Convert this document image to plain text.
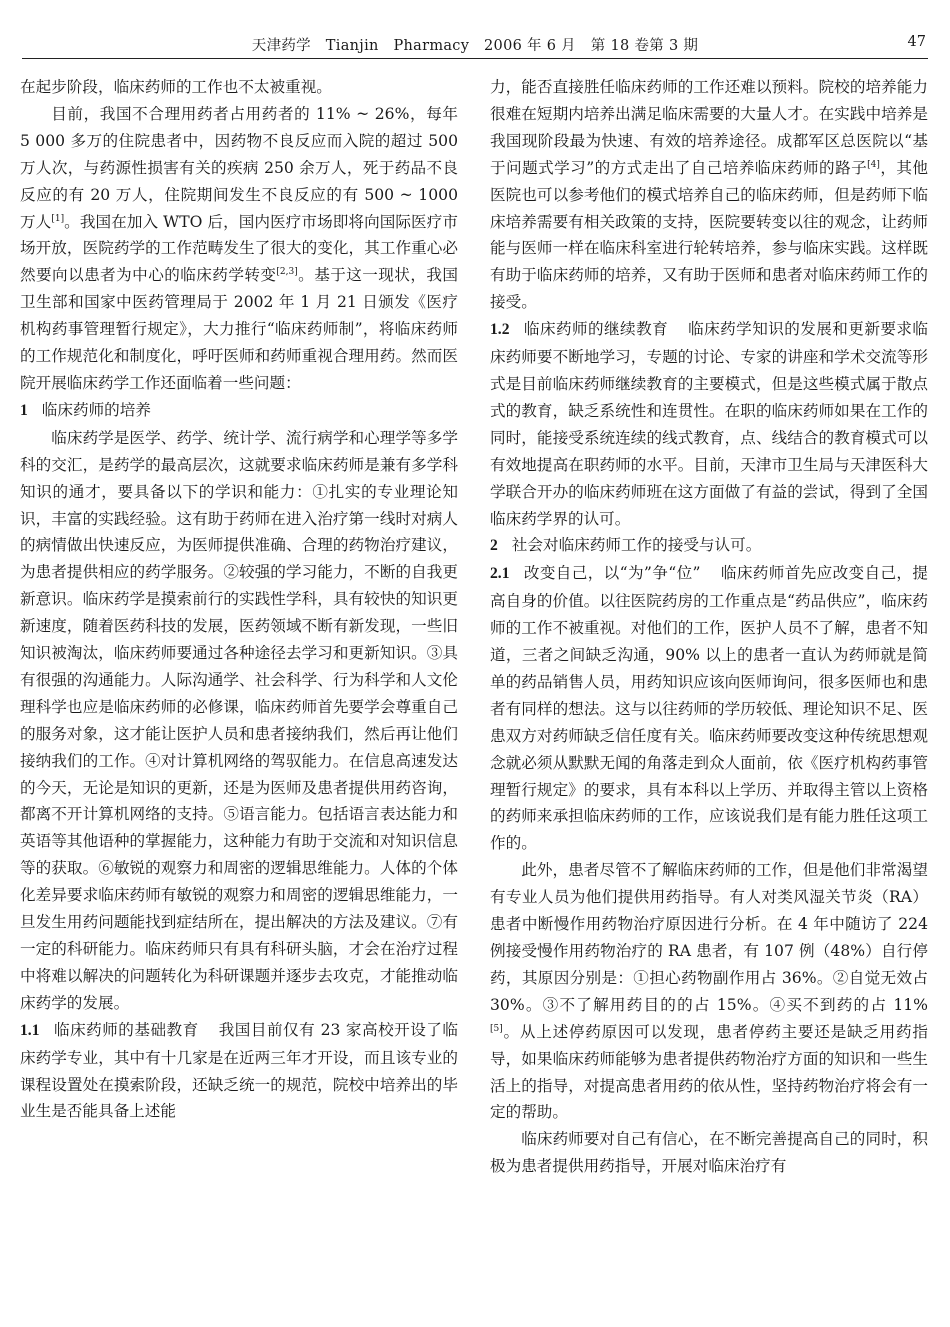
天津药学　Tianjin　Pharmacy　2006 年 6 月　第 18 卷第 3 期	47

在起步阶段，临床药师的工作也不太被重视。

目前，我国不合理用药者占用药者的 11% ~ 26%，每年 5 000 多万的住院患者中，因药物不良反应而入院的超过 500 万人次，与药源性损害有关的疾病 250 余万人，死于药品不良反应的有 20 万人，住院期间发生不良反应的有 500 ~ 1000 万人[1]。我国在加入 WTO 后，国内医疗市场即将向国际医疗市场开放，医院药学的工作范畴发生了很大的变化，其工作重心必然要向以患者为中心的临床药学转变[2,3]。基于这一现状，我国卫生部和国家中医药管理局于 2002 年 1 月 21 日颁发《医疗机构药事管理暂行规定》，大力推行“临床药师制”，将临床药师的工作规范化和制度化，呼吁医师和药师重视合理用药。然而医院开展临床药学工作还面临着一些问题：

1 临床药师的培养

临床药学是医学、药学、统计学、流行病学和心理学等多学科的交汇，是药学的最高层次，这就要求临床药师是兼有多学科知识的通才，要具备以下的学识和能力：①扎实的专业理论知识，丰富的实践经验。这有助于药师在进入治疗第一线时对病人的病情做出快速反应，为医师提供准确、合理的药物治疗建议，为患者提供相应的药学服务。②较强的学习能力，不断的自我更新意识。临床药学是摸索前行的实践性学科，具有较快的知识更新速度，随着医药科技的发展，医药领域不断有新发现，一些旧知识被淘汰，临床药师要通过各种途径去学习和更新知识。③具有很强的沟通能力。人际沟通学、社会科学、行为科学和人文伦理科学也应是临床药师的必修课，临床药师首先要学会尊重自己的服务对象，这才能让医护人员和患者接纳我们，然后再让他们接纳我们的工作。④对计算机网络的驾驭能力。在信息高速发达的今天，无论是知识的更新，还是为医师及患者提供用药咨询，都离不开计算机网络的支持。⑤语言能力。包括语言表达能力和英语等其他语种的掌握能力，这种能力有助于交流和对知识信息等的获取。⑥敏锐的观察力和周密的逻辑思维能力。人体的个体化差异要求临床药师有敏锐的观察力和周密的逻辑思维能力，一旦发生用药问题能找到症结所在，提出解决的方法及建议。⑦有一定的科研能力。临床药师只有具有科研头脑，才会在治疗过程中将难以解决的问题转化为科研课题并逐步去攻克，才能推动临床药学的发展。

1.1 临床药师的基础教育 我国目前仅有 23 家高校开设了临床药学专业，其中有十几家是在近两三年才开设，而且该专业的课程设置处在摸索阶段，还缺乏统一的规范，院校中培养出的毕业生是否能具备上述能

力，能否直接胜任临床药师的工作还难以预料。院校的培养能力很难在短期内培养出满足临床需要的大量人才。在实践中培养是我国现阶段最为快速、有效的培养途径。成都军区总医院以“基于问题式学习”的方式走出了自己培养临床药师的路子[4]，其他医院也可以参考他们的模式培养自己的临床药师，但是药师下临床培养需要有相关政策的支持，医院要转变以往的观念，让药师能与医师一样在临床科室进行轮转培养，参与临床实践。这样既有助于临床药师的培养，又有助于医师和患者对临床药师工作的接受。

1.2 临床药师的继续教育 临床药学知识的发展和更新要求临床药师要不断地学习，专题的讨论、专家的讲座和学术交流等形式是目前临床药师继续教育的主要模式，但是这些模式属于散点式的教育，缺乏系统性和连贯性。在职的临床药师如果在工作的同时，能接受系统连续的线式教育，点、线结合的教育模式可以有效地提高在职药师的水平。目前，天津市卫生局与天津医科大学联合开办的临床药师班在这方面做了有益的尝试，得到了全国临床药学界的认可。

2 社会对临床药师工作的接受与认可。

2.1 改变自己，以“为”争“位” 临床药师首先应改变自己，提高自身的价值。以往医院药房的工作重点是“药品供应”，临床药师的工作不被重视。对他们的工作，医护人员不了解，患者不知道，三者之间缺乏沟通，90% 以上的患者一直认为药师就是简单的药品销售人员，用药知识应该向医师询问，很多医师也和患者有同样的想法。这与以往药师的学历较低、理论知识不足、医患双方对药师缺乏信任度有关。临床药师要改变这种传统思想观念就必须从默默无闻的角落走到众人面前，依《医疗机构药事管理暂行规定》的要求，具有本科以上学历、并取得主管以上资格的药师来承担临床药师的工作，应该说我们是有能力胜任这项工作的。

此外，患者尽管不了解临床药师的工作，但是他们非常渴望有专业人员为他们提供用药指导。有人对类风湿关节炎（RA）患者中断慢作用药物治疗原因进行分析。在 4 年中随访了 224 例接受慢作用药物治疗的 RA 患者，有 107 例（48%）自行停药，其原因分别是：①担心药物副作用占 36%。②自觉无效占 30%。③不了解用药目的的占 15%。④买不到药的占 11%[5]。从上述停药原因可以发现，患者停药主要还是缺乏用药指导，如果临床药师能够为患者提供药物治疗方面的知识和一些生活上的指导，对提高患者用药的依从性，坚持药物治疗将会有一定的帮助。

临床药师要对自己有信心，在不断完善提高自己的同时，积极为患者提供用药指导，开展对临床治疗有
